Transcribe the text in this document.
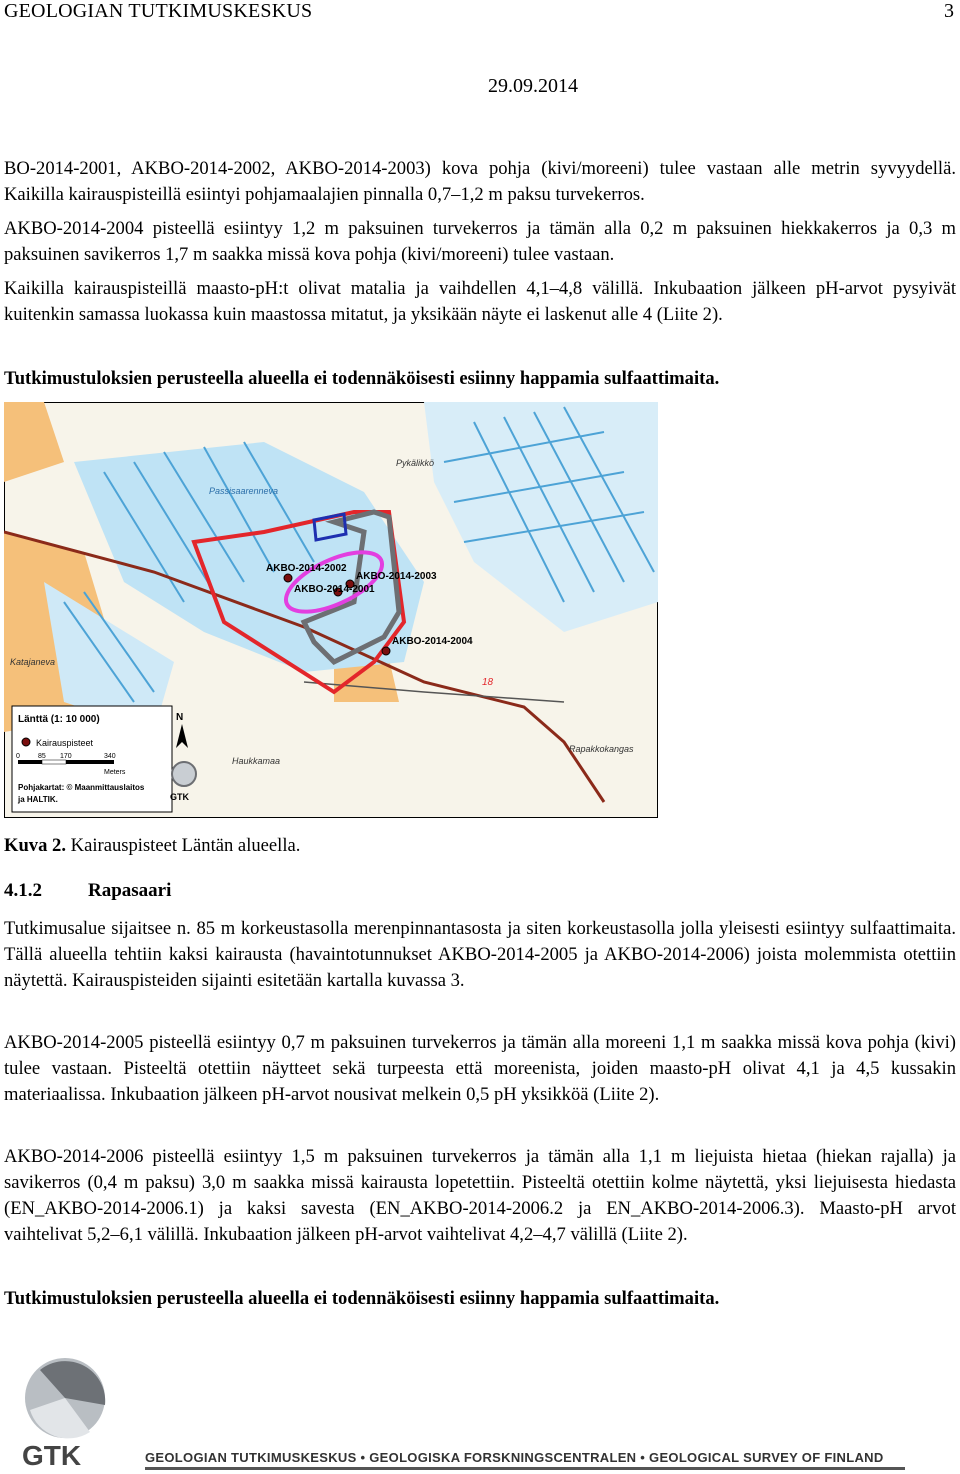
GEOLOGIAN TUTKIMUSKESKUS	3
29.09.2014

BO-2014-2001, AKBO-2014-2002, AKBO-2014-2003) kova pohja (kivi/moreeni) tulee vastaan alle metrin syvyydellä. Kaikilla kairauspisteillä esiintyi pohjamaalajien pinnalla 0,7–1,2 m paksu turvekerros.

AKBO-2014-2004 pisteellä esiintyy 1,2 m paksuinen turvekerros ja tämän alla 0,2 m paksuinen hiekkakerros ja 0,3 m paksuinen savikerros 1,7 m saakka missä kova pohja (kivi/moreeni) tulee vastaan.

Kaikilla kairauspisteillä maasto-pH:t olivat matalia ja vaihdellen 4,1–4,8 välillä. Inkubaation jälkeen pH-arvot pysyivät kuitenkin samassa luokassa kuin maastossa mitatut, ja yksikään näyte ei laskenut alle 4 (Liite 2).

Tutkimustuloksien perusteella alueella ei todennäköisesti esiinny happamia sulfaattimaita.

AKBO-2014-2002
AKBO-2014-2003
AKBO-2014-2001
AKBO-2014-2004
Passisaarenneva
Pykälikkö
Katajaneva
Rapakkokangas
Haukkamaa
18
Länttä (1: 10 000)
Kairauspisteet
0	85 170	340
Meters
Pohjakartat: © Maanmittauslaitos
ja HALTIK.
N
GTK
Kuva 2. Kairauspisteet Läntän alueella.
4.1.2 Rapasaari

Tutkimusalue sijaitsee n. 85 m korkeustasolla merenpinnantasosta ja siten korkeustasolla jolla yleisesti esiintyy sulfaattimaita. Tällä alueella tehtiin kaksi kairausta (havaintotunnukset AKBO-2014-2005 ja AKBO-2014-2006) joista molemmista otettiin näytettä. Kairauspisteiden sijainti esitetään kartalla kuvassa 3.

AKBO-2014-2005 pisteellä esiintyy 0,7 m paksuinen turvekerros ja tämän alla moreeni 1,1 m saakka missä kova pohja (kivi) tulee vastaan. Pisteeltä otettiin näytteet sekä turpeesta että moreenista, joiden maasto-pH olivat 4,1 ja 4,5 kussakin materiaalissa. Inkubaation jälkeen pH-arvot nousivat melkein 0,5 pH yksikköä (Liite 2).

AKBO-2014-2006 pisteellä esiintyy 1,5 m paksuinen turvekerros ja tämän alla 1,1 m liejuista hietaa (hiekan rajalla) ja savikerros (0,4 m paksu) 3,0 m saakka missä kairausta lopetettiin. Pisteeltä otettiin kolme näytettä, yksi liejuisesta hiedasta (EN_AKBO-2014-2006.1) ja kaksi savesta (EN_AKBO-2014-2006.2 ja EN_AKBO-2014-2006.3). Maasto-pH arvot vaihtelivat 5,2–6,1 välillä. Inkubaation jälkeen pH-arvot vaihtelivat 4,2–4,7 välillä (Liite 2).

Tutkimustuloksien perusteella alueella ei todennäköisesti esiinny happamia sulfaattimaita.

GTK	GEOLOGIAN TUTKIMUSKESKUS • GEOLOGISKA FORSKNINGSCENTRALEN • GEOLOGICAL SURVEY OF FINLAND
